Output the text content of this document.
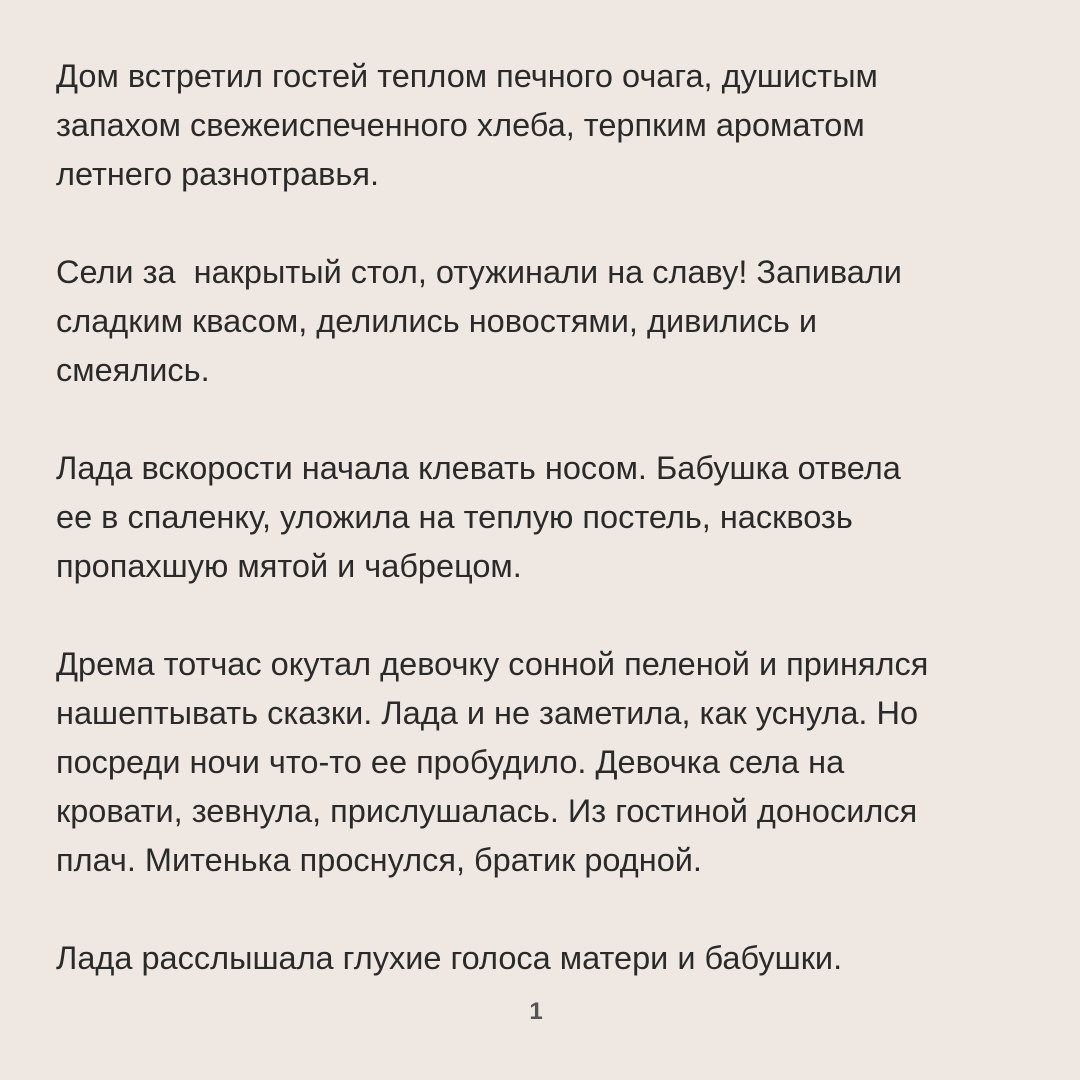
Дом встретил гостей теплом печного очага, душистым
запахом свежеиспеченного хлеба, терпким ароматом
летнего разнотравья.
Сели за  накрытый стол, отужинали на славу! Запивали
сладким квасом, делились новостями, дивились и
смеялись.
Лада вскорости начала клевать носом. Бабушка отвела
ее в спаленку, уложила на теплую постель, насквозь
пропахшую мятой и чабрецом.
Дрема тотчас окутал девочку сонной пеленой и принялся
нашептывать сказки. Лада и не заметила, как уснула. Но
посреди ночи что-то ее пробудило. Девочка села на
кровати, зевнула, прислушалась. Из гостиной доносился
плач. Митенька проснулся, братик родной.
Лада расслышала глухие голоса матери и бабушки.
1
